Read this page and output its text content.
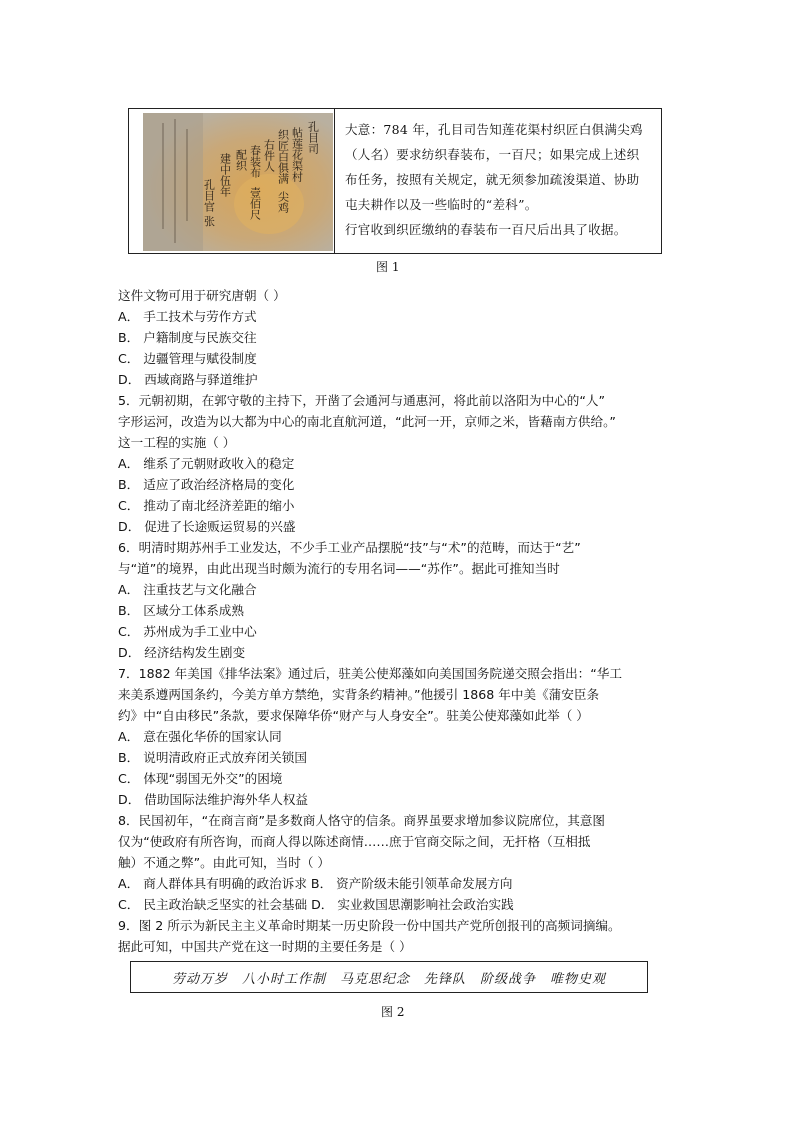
孔目司
帖莲花渠村
织匠白俱满
尖鸡
右件人
春装布
壹佰尺
配织
建中伍年
孔目官 张

大意：784 年，孔目司告知莲花渠村织匠白俱满尖鸡

（人名）要求纺织春装布，一百尺；如果完成上述织

布任务，按照有关规定，就无须参加疏浚渠道、协助

屯夫耕作以及一些临时的“差科”。

行官收到织匠缴纳的春装布一百尺后出具了收据。

图 1

这件文物可用于研究唐朝（ ）

A． 手工技术与劳作方式

B． 户籍制度与民族交往

C． 边疆管理与赋役制度

D． 西域商路与驿道维护

5．元朝初期，在郭守敬的主持下，开凿了会通河与通惠河，将此前以洛阳为中心的“人”

字形运河，改造为以大都为中心的南北直航河道，“此河一开，京师之米，皆藉南方供给。”

这一工程的实施（ ）

A． 维系了元朝财政收入的稳定

B． 适应了政治经济格局的变化

C． 推动了南北经济差距的缩小

D． 促进了长途贩运贸易的兴盛

6．明清时期苏州手工业发达，不少手工业产品摆脱“技”与“术”的范畴，而达于“艺”

与“道”的境界，由此出现当时颇为流行的专用名词——“苏作”。据此可推知当时

A． 注重技艺与文化融合

B． 区域分工体系成熟

C． 苏州成为手工业中心

D． 经济结构发生剧变

7．1882 年美国《排华法案》通过后，驻美公使郑藻如向美国国务院递交照会指出：“华工

来美系遵两国条约，今美方单方禁绝，实背条约精神。”他援引 1868 年中美《蒲安臣条

约》中“自由移民”条款，要求保障华侨“财产与人身安全”。驻美公使郑藻如此举（ ）

A． 意在强化华侨的国家认同

B． 说明清政府正式放弃闭关锁国

C． 体现“弱国无外交”的困境

D． 借助国际法维护海外华人权益

8．民国初年，“在商言商”是多数商人恪守的信条。商界虽要求增加参议院席位，其意图

仅为“使政府有所咨询，而商人得以陈述商情……庶于官商交际之间，无扞格（互相抵

触）不通之弊”。由此可知，当时（ ）

A． 商人群体具有明确的政治诉求 B． 资产阶级未能引领革命发展方向

C． 民主政治缺乏坚实的社会基础 D． 实业救国思潮影响社会政治实践

9．图 2 所示为新民主主义革命时期某一历史阶段一份中国共产党所创报刊的高频词摘编。

据此可知，中国共产党在这一时期的主要任务是（ ）

劳动万岁 八小时工作制 马克思纪念 先锋队 阶级战争 唯物史观
图 2
